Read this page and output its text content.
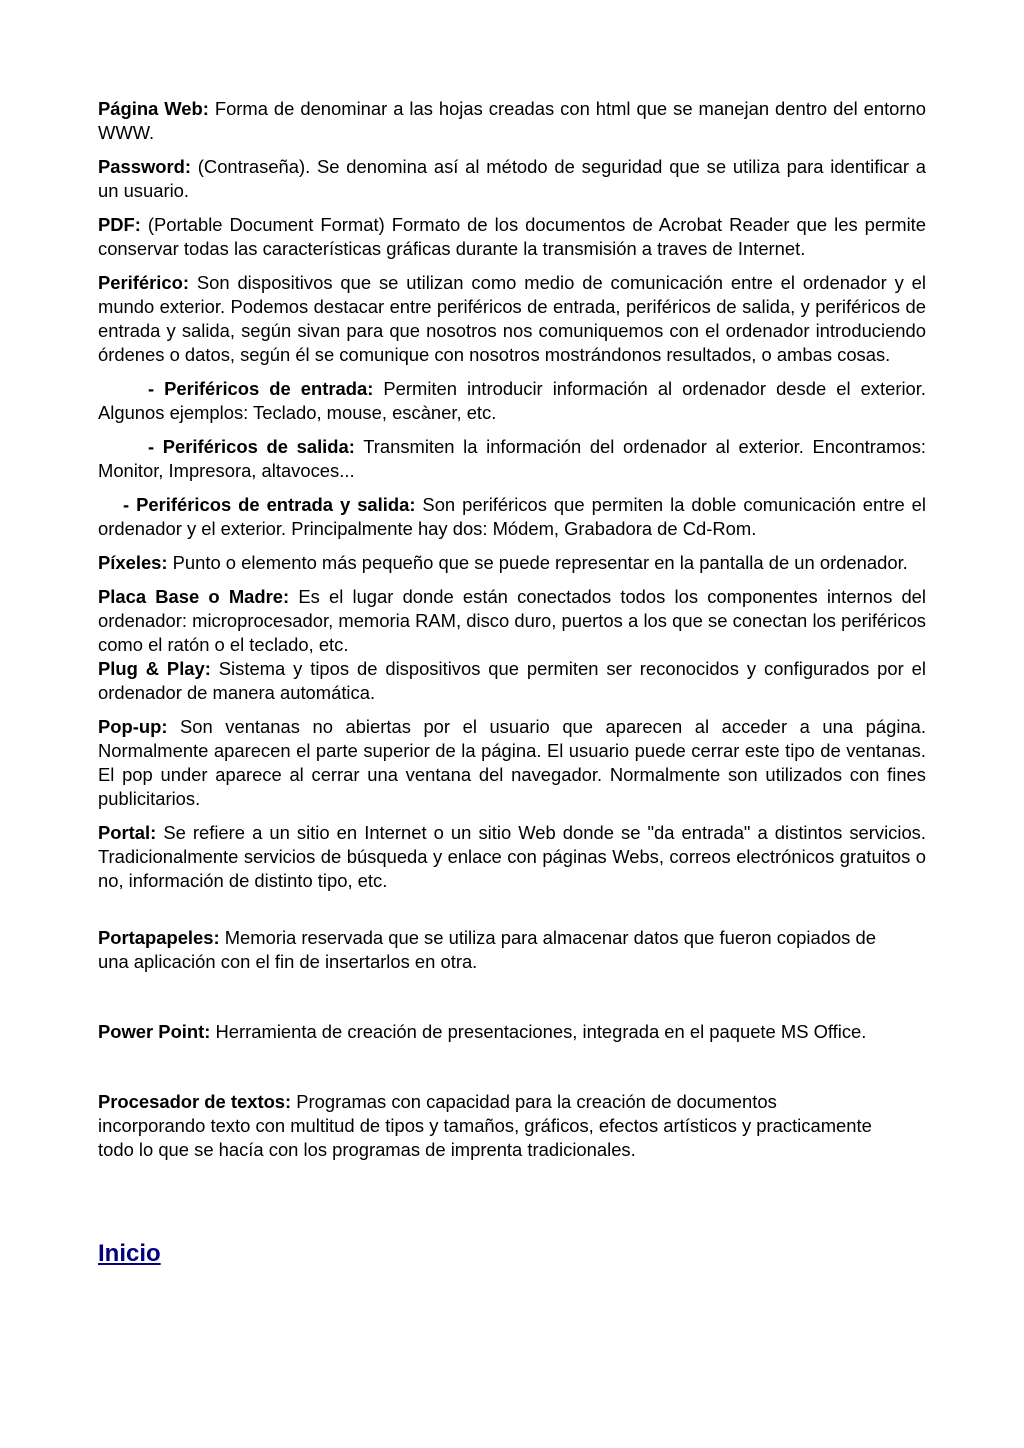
Página Web: Forma de denominar a las hojas creadas con html que se manejan dentro del entorno WWW.

Password: (Contraseña). Se denomina así al método de seguridad que se utiliza para identificar a un usuario.

PDF: (Portable Document Format) Formato de los documentos de Acrobat Reader que les permite conservar todas las características gráficas durante la transmisión a traves de Internet.

Periférico: Son dispositivos que se utilizan como medio de comunicación entre el ordenador y el mundo exterior. Podemos destacar entre periféricos de entrada, periféricos de salida, y periféricos de entrada y salida, según sivan para que nosotros nos comuniquemos con el ordenador introduciendo órdenes o datos, según él se comunique con nosotros mostrándonos resultados, o ambas cosas.

- Periféricos de entrada: Permiten introducir información al ordenador desde el exterior. Algunos ejemplos: Teclado, mouse, escàner, etc.

- Periféricos de salida: Transmiten la información del ordenador al exterior. Encontramos: Monitor, Impresora, altavoces...

- Periféricos de entrada y salida: Son periféricos que permiten la doble comunicación entre el ordenador y el exterior. Principalmente hay dos: Módem, Grabadora de Cd-Rom.

Píxeles: Punto o elemento más pequeño que se puede representar en la pantalla de un ordenador.

Placa Base o Madre: Es el lugar donde están conectados todos los componentes internos del ordenador: microprocesador, memoria RAM, disco duro, puertos a los que se conectan los periféricos como el ratón o el teclado, etc.

Plug & Play: Sistema y tipos de dispositivos que permiten ser reconocidos y configurados por el ordenador de manera automática.

Pop-up: Son ventanas no abiertas por el usuario que aparecen al acceder a una página. Normalmente aparecen el parte superior de la página. El usuario puede cerrar este tipo de ventanas. El pop under aparece al cerrar una ventana del navegador. Normalmente son utilizados con fines publicitarios.

Portal: Se refiere a un sitio en Internet o un sitio Web donde se "da entrada" a distintos servicios. Tradicionalmente servicios de búsqueda y enlace con páginas Webs, correos electrónicos gratuitos o no, información de distinto tipo, etc.

Portapapeles: Memoria reservada que se utiliza para almacenar datos que fueron copiados de una aplicación con el fin de insertarlos en otra.

Power Point: Herramienta de creación de presentaciones, integrada en el paquete MS Office.

Procesador de textos: Programas con capacidad para la creación de documentos incorporando texto con multitud de tipos y tamaños, gráficos, efectos artísticos y practicamente todo lo que se hacía con los programas de imprenta tradicionales.

Inicio
